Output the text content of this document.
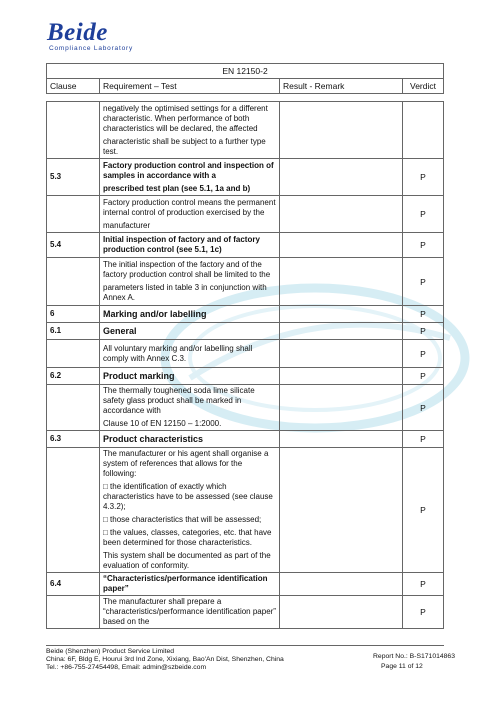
Beide
Compliance Laboratory
EN 12150-2
Clause	Requirement – Test	Result - Remark	Verdict

	negatively the optimised settings for a different characteristic. When performance of both characteristics will be declared, the affected

characteristic shall be subject to a further type test.		

5.3	Factory production control and inspection of samples in accordance with a

prescribed test plan (see 5.1, 1a and b)		P

	Factory production control means the permanent internal control of production exercised by the

manufacturer		P
5.4	Initial inspection of factory and of factory production control (see 5.1, 1c)		P

	The initial inspection of the factory and of the factory production control shall be limited to the

parameters listed in table 3 in conjunction with Annex A.		P
6	Marking and/or labelling		P
6.1	General		P

	All voluntary marking and/or labelling shall comply with Annex C.3.		P
6.2	Product marking		P

	The thermally toughened soda lime silicate safety glass product shall be marked in accordance with

Clause 10 of EN 12150 – 1:2000.		P
6.3	Product characteristics		P

	The manufacturer or his agent shall organise a system of references that allows for the following:

□ the identification of exactly which characteristics have to be assessed (see clause 4.3.2);

□ those characteristics that will be assessed;

□ the values, classes, categories, etc. that have been determined for those characteristics.

This system shall be documented as part of the evaluation of conformity.		P
6.4	“Characteristics/performance identification paper”		P

	The manufacturer shall prepare a “characteristics/performance identification paper” based on the		P
Beide (Shenzhen) Product Service Limited
China: 6F, Bldg E, Hourui 3rd Ind Zone, Xixiang, Bao'An Dist, Shenzhen, China
Tel.: +86-755-27454498, Email: admin@szbeide.com
Report No.: B-S171014863
Page 11 of 12
